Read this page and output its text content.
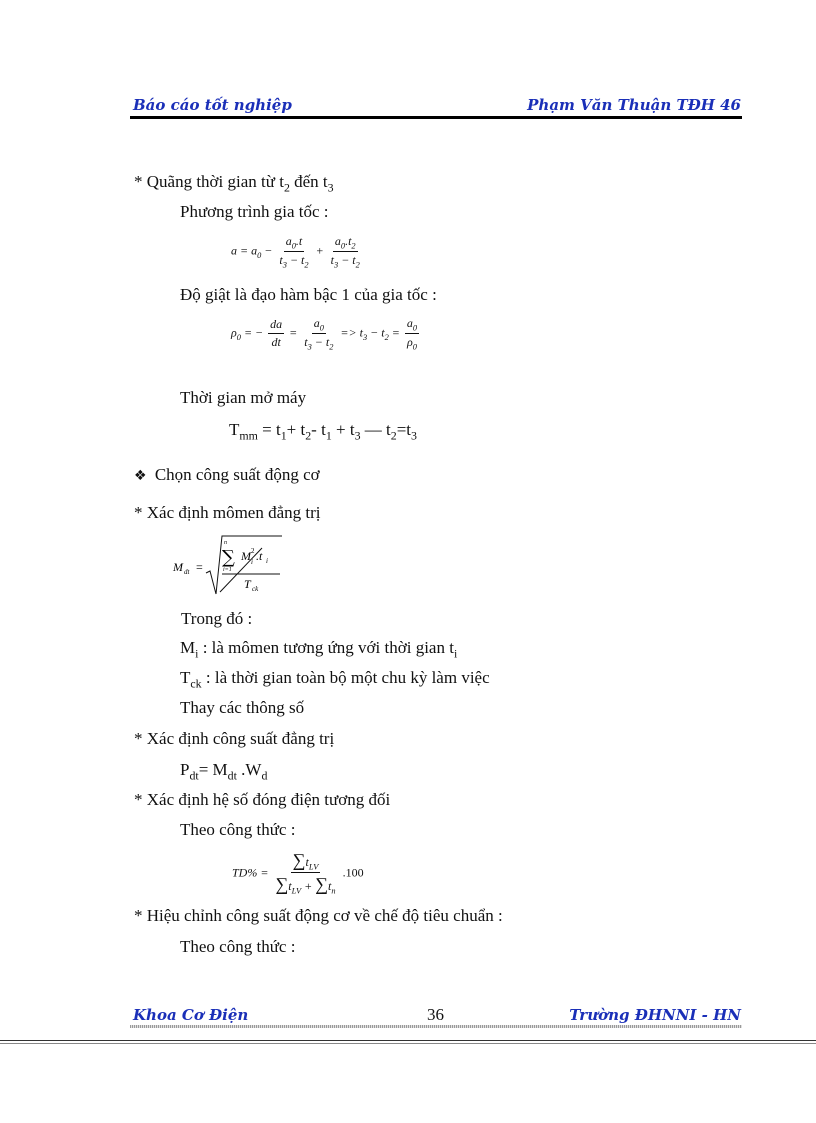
Báo cáo tốt nghiệp	Phạm Văn Thuận TĐH 46
* Quãng thời gian từ $t_2$ đến $t_3$
Phương trình gia tốc :
$a = a_0 - \frac{a_0.t}{t_3 - t_2} + \frac{a_0.t_2}{t_3 - t_2}$
Độ giật là đạo hàm bậc 1 của gia tốc :
$\rho_0$ = − $\frac{da}{dt} = \frac{a_0}{t_3 - t_2} => t_3 - t_2 = \frac{a_0}{\rho_0}$
Thời gian mở máy
$T_{mm} = t_1+ t_2-$ $t_1 + t_3$ — $t_2=t_3$
❖ Chọn công suất động cơ
* Xác định mômen đẳng trị
M dt =
n
∑
i=1
M 2
i .t i
T ck
Trong đó :
$M_i$ : là mômen tương ứng với thời gian $t_i$
$T_{ck}$ : là thời gian toàn bộ một chu kỳ làm việc
Thay các thông số
* Xác định công suất đẳng trị
$P_{dt}= M_{dt}$ $.W_d$
* Xác định hệ số đóng điện tương đối
Theo công thức :
$TD\% = \frac{\sum t_{LV}}{\sum t_{LV} + \sum t_n} .100$
* Hiệu chỉnh công suất động cơ về chế độ tiêu chuẩn :
Theo công thức :
Khoa Cơ Điện	36	Trường ĐHNNI - HN
